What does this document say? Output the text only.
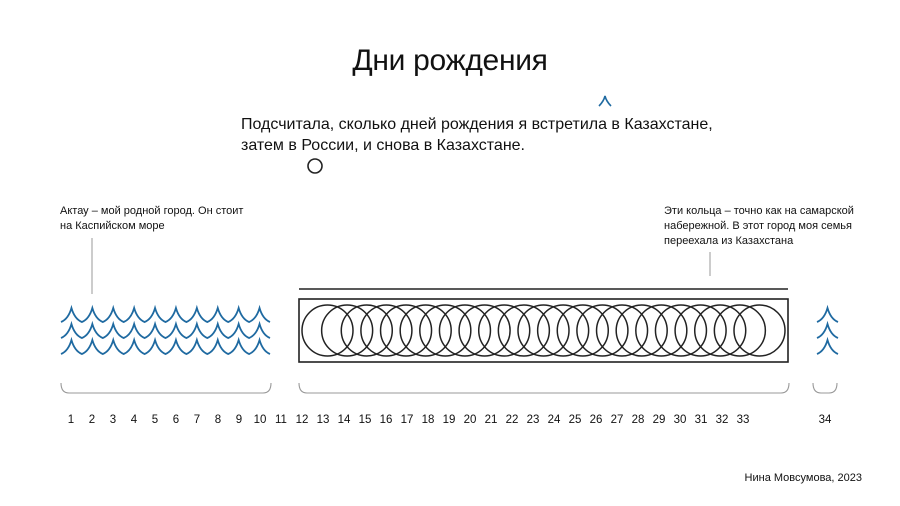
Дни рождения
Подсчитала, сколько дней рождения я встретила в Казахстане,
затем в России, и снова в Казахстане.
Актау – мой родной город. Он стоит
на Каспийском море
Эти кольца – точно как на самарской
набережной. В этот город моя семья
переехала из Казахстана
Нина Мовсумова, 2023
1 2 3 4 5 6 7 8 9 10 11 12 13 14 15 16 17 18 19 20 21 22 23 24 25 26 27 28 29 30 31 32 33	34
